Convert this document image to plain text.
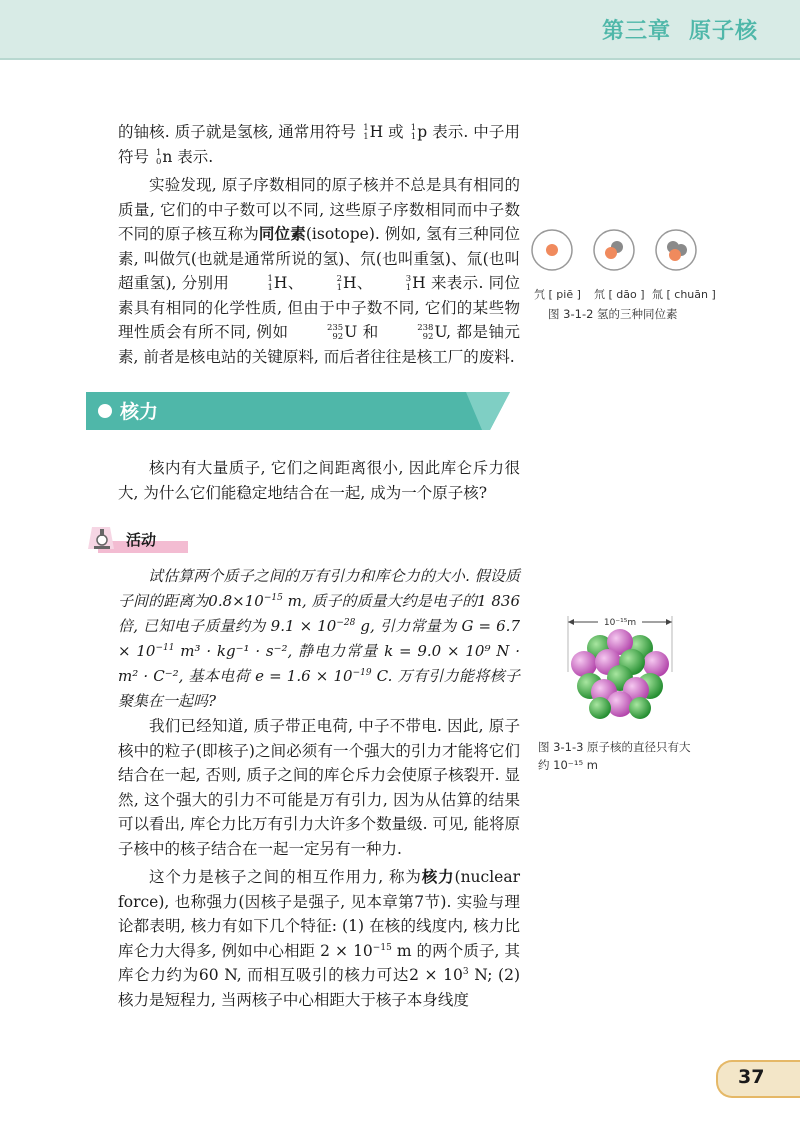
第三章 原子核

的铀核. 质子就是氢核, 通常用符号 1
1 H 或 1
1 p 表示. 中子用符号 1
0 n 表示.

实验发现, 原子序数相同的原子核并不总是具有相同的质量, 它们的中子数可以不同, 这些原子序数相同而中子数不同的原子核互称为同位素(isotope). 例如, 氢有三种同位素, 叫做氕(也就是通常所说的氢)、氘(也叫重氢)、氚(也叫超重氢), 分别用	1
1 H、	2
1 H、	3
1 H 来表示. 同位素具有相同的化学性质, 但由于中子数不同, 它们的某些物理性质会有所不同, 例如	235
92 U 和	238
92 U, 都是铀元素, 前者是核电站的关键原料, 而后者往往是核工厂的废料.

氕 [ piē ] 氘 [ dāo ] 氚 [ chuān ]
图 3-1-2 氢的三种同位素
核力

核内有大量质子, 它们之间距离很小, 因此库仑斥力很大, 为什么它们能稳定地结合在一起, 成为一个原子核?

活动

试估算两个质子之间的万有引力和库仑力的大小. 假设质子间的距离为$0.8\times 10^{-15}$ m, 质子的质量大约是电子的1 836倍, 已知电子质量约为 $9.1 \times 10^{-28}$ g, 引力常量为 $G = 6.7 \times 10^{-11}$ m³ · kg⁻¹ · s⁻², 静电力常量 k = 9.0 × 10⁹ N · m² · C⁻², 基本电荷 $e = 1.6 \times 10^{-19}$ C. 万有引力能将核子聚集在一起吗?

10⁻¹⁵m
图 3-1-3 原子核的直径只有大
约 10⁻¹⁵ m

我们已经知道, 质子带正电荷, 中子不带电. 因此, 原子核中的粒子(即核子)之间必须有一个强大的引力才能将它们结合在一起, 否则, 质子之间的库仑斥力会使原子核裂开. 显然, 这个强大的引力不可能是万有引力, 因为从估算的结果可以看出, 库仑力比万有引力大许多个数量级. 可见, 能将原子核中的核子结合在一起一定另有一种力.

这个力是核子之间的相互作用力, 称为核力(nuclear force), 也称强力(因核子是强子, 见本章第7节). 实验与理论都表明, 核力有如下几个特征: (1) 在核的线度内, 核力比库仑力大得多, 例如中心相距 $2 \times 10^{-15}$ m 的两个质子, 其库仑力约为60 N, 而相互吸引的核力可达$2 \times 10^3$ N; (2) 核力是短程力, 当两核子中心相距大于核子本身线度

37
